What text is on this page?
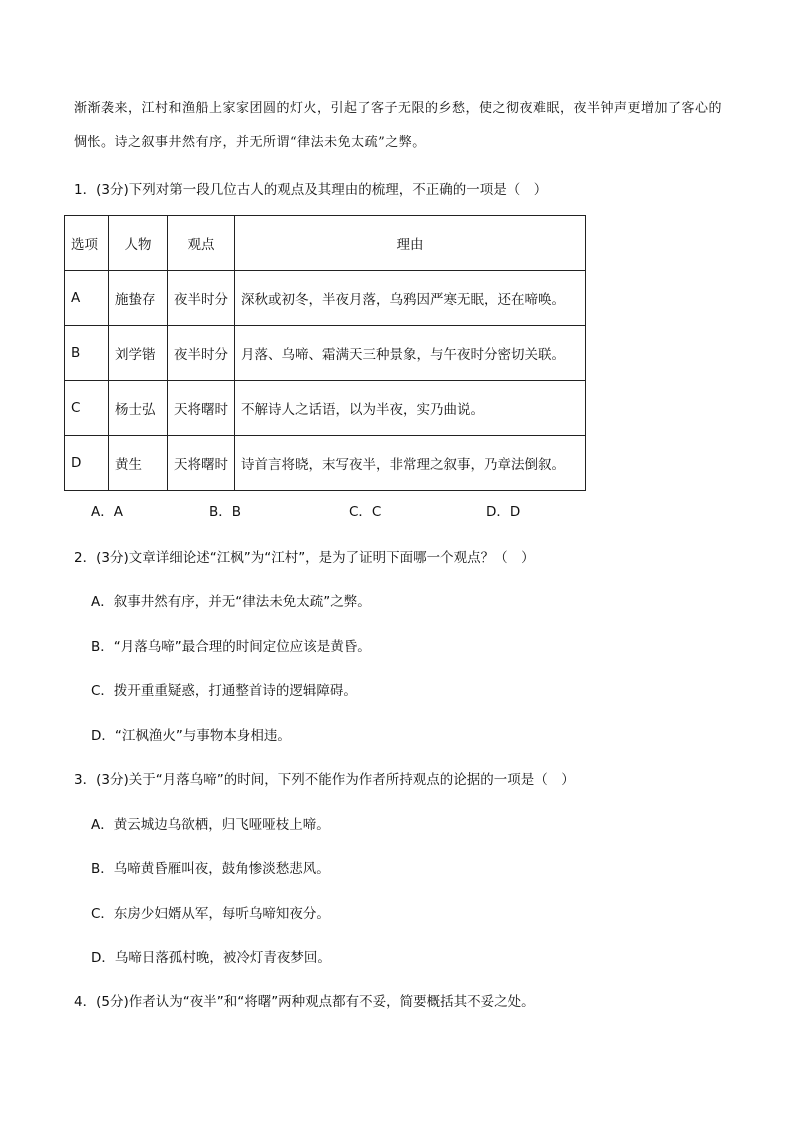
渐渐袭来，江村和渔船上家家团圆的灯火，引起了客子无限的乡愁，使之彻夜难眠，夜半钟声更增加了客心的惆怅。诗之叙事井然有序，并无所谓“律法未免太疏”之弊。
1．(3分)下列对第一段几位古人的观点及其理由的梳理，不正确的一项是（　）
选项	人物	观点	理由
A	施蛰存	夜半时分	深秋或初冬，半夜月落，乌鸦因严寒无眠，还在啼唤。
B	刘学锴	夜半时分	月落、乌啼、霜满天三种景象，与午夜时分密切关联。
C	杨士弘	天将曙时	不解诗人之话语，以为半夜，实乃曲说。
D	黄生	天将曙时	诗首言将晓，末写夜半，非常理之叙事，乃章法倒叙。
A．A	B．B	C．C	D．D
2．(3分)文章详细论述“江枫”为“江村”，是为了证明下面哪一个观点？（　）
A．叙事井然有序，并无“律法未免太疏”之弊。
B．“月落乌啼”最合理的时间定位应该是黄昏。
C．拨开重重疑惑，打通整首诗的逻辑障碍。
D．“江枫渔火”与事物本身相违。
3．(3分)关于“月落乌啼”的时间，下列不能作为作者所持观点的论据的一项是（　）
A．黄云城边乌欲栖，归飞哑哑枝上啼。
B．乌啼黄昏雁叫夜，鼓角惨淡愁悲风。
C．东房少妇婿从军，每听乌啼知夜分。
D．乌啼日落孤村晚，被冷灯青夜梦回。
4．(5分)作者认为“夜半”和“将曙”两种观点都有不妥，简要概括其不妥之处。
